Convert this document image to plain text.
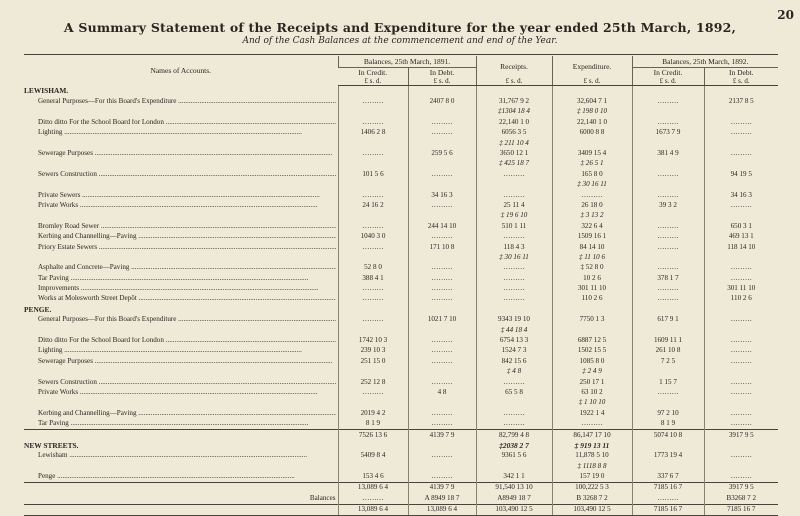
20
A Summary Statement of the Receipts and Expenditure for the year ended 25th March, 1892,
And of the Cash Balances at the commencement and end of the Year.
Names of Accounts.	Balances, 25th March, 1891.		Receipts.	Expenditure.	Balances, 25th March, 1892.	
	In Credit.	In Debt.			In Credit.	In Debt.
	£ s. d.	£ s. d.	£ s. d.	£ s. d.	£ s. d.	£ s. d.

LEWISHAM.						

General Purposes—For this Board's Expenditure .....	………	2407 8 0	31,767 9 2	32,604 7 1	………	2137 8 5

			‡1304 18 4	‡ 198 0 10		

Ditto ditto For the School Board for London .....	………	………	22,140 1 0	22,140 1 0	………	………

Lighting .....	1406 2 8	………	6056 3 5	6000 8 8	1673 7 9	………

			‡ 211 10 4			

Sewerage Purposes .....	………	259 5 6	3650 12 1	3409 15 4	381 4 9	………

			‡ 425 18 7	‡ 26 5 1		

Sewers Construction .....	101 5 6	………	………	165 8 0	………	94 19 5

				‡ 30 16 11		

Private Sewers .....	………	34 16 3	………	………	………	34 16 3

Private Works .....	24 16 2	………	25 11 4	26 18 0	39 3 2	………

			‡ 19 6 10	‡ 3 13 2		

Bromley Road Sewer .....	………	244 14 10	510 1 11	322 6 4	………	650 3 1

Kerbing and Channelling—Paving .....	1040 3 0	………	………	1509 16 1	………	469 13 1

Priory Estate Sewers .....	………	171 10 8	118 4 3	84 14 10	………	118 14 10

			‡ 30 16 11	‡ 11 10 6		

Asphalte and Concrete—Paving .....	52 8 0	………	………	‡ 52 8 0	………	………

Tar Paving .....	388 4 1	………	………	10 2 6	378 1 7	………

Improvements .....	………	………	………	301 11 10	………	301 11 10

Works at Molesworth Street Depôt .....	………	………	………	110 2 6	………	110 2 6

PENGE.						

General Purposes—For this Board's Expenditure .....	………	1021 7 10	9343 19 10	7750 1 3	617 9 1	………

			‡ 44 18 4			

Ditto ditto For the School Board for London .....	1742 10 3	………	6754 13 3	6887 12 5	1609 11 1	………

Lighting .....	239 10 3	………	1524 7 3	1502 15 5	261 10 8	………

Sewerage Purposes .....	251 15 0	………	842 15 6	1085 8 0	7 2 5	………

			‡ 4 8	‡ 2 4 9		

Sewers Construction .....	252 12 8	………	………	250 17 1	1 15 7	………

Private Works .....	………	4 8	65 5 8	63 10 2	………	………

				‡ 1 10 10		

Kerbing and Channelling—Paving .....	2019 4 2	………	………	1922 1 4	97 2 10	………

Tar Paving .....	8 1 9	………	………	………	8 1 9	………

	7526 13 6	4139 7 9	82,799 4 8	86,147 17 10	5074 10 8	3917 9 5

NEW STREETS.			‡2038 2 7	‡ 919 13 11		

Lewisham .....	5409 8 4	………	9361 5 6	11,878 5 10	1773 19 4	………

				‡ 1118 8 8		

Penge .....	153 4 6	………	342 1 1	157 19 0	337 6 7	………

	13,089 6 4	4139 7 9	91,540 13 10	100,222 5 3	7185 16 7	3917 9 5

Balances	………	A 8949 18 7	A8949 18 7	B 3268 7 2	………	B3268 7 2

	13,089 6 4	13,089 6 4	103,490 12 5	103,490 12 5	7185 16 7	7185 16 7
